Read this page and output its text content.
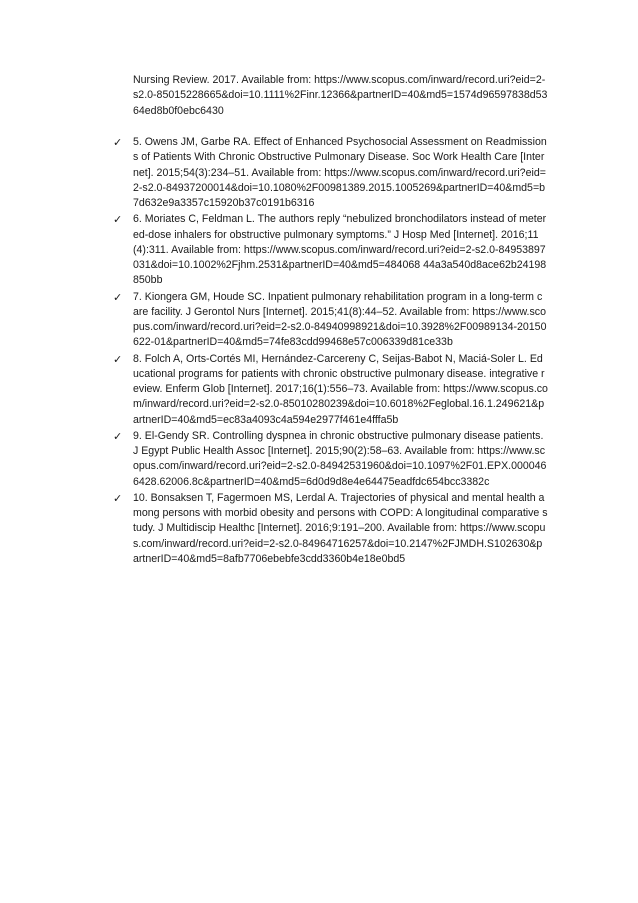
Nursing Review. 2017. Available from: https://www.scopus.com/inward/record.uri?eid=2-s2.0-85015228665&doi=10.1111%2Finr.12366&partnerID=40&md5=1574d96597838d5364ed8b0f0ebc6430
✓	5. Owens JM, Garbe RA. Effect of Enhanced Psychosocial Assessment on Readmissions of Patients With Chronic Obstructive Pulmonary Disease. Soc Work Health Care [Internet]. 2015;54(3):234–51. Available from: https://www.scopus.com/inward/record.uri?eid=2-s2.0-84937200014&doi=10.1080%2F00981389.2015.1005269&partnerID=40&md5=b7d632e9a3357c15920b37c0191b6316
✓	6. Moriates C, Feldman L. The authors reply “nebulized bronchodilators instead of metered-dose inhalers for obstructive pulmonary symptoms.” J Hosp Med [Internet]. 2016;11(4):311. Available from: https://www.scopus.com/inward/record.uri?eid=2-s2.0-84953897031&doi=10.1002%2Fjhm.2531&partnerID=40&md5=484068 44a3a540d8ace62b24198850bb
✓	7. Kiongera GM, Houde SC. Inpatient pulmonary rehabilitation program in a long-term care facility. J Gerontol Nurs [Internet]. 2015;41(8):44–52. Available from: https://www.scopus.com/inward/record.uri?eid=2-s2.0-84940998921&doi=10.3928%2F00989134-20150622-01&partnerID=40&md5=74fe83cdd99468e57c006339d81ce33b
✓	8. Folch A, Orts-Cortés MI, Hernández-Carcereny C, Seijas-Babot N, Maciá-Soler L. Educational programs for patients with chronic obstructive pulmonary disease. integrative review. Enferm Glob [Internet]. 2017;16(1):556–73. Available from: https://www.scopus.com/inward/record.uri?eid=2-s2.0-85010280239&doi=10.6018%2Feglobal.16.1.249621&partnerID=40&md5=ec83a4093c4a594e2977f461e4fffa5b
✓	9. El-Gendy SR. Controlling dyspnea in chronic obstructive pulmonary disease patients. J Egypt Public Health Assoc [Internet]. 2015;90(2):58–63. Available from: https://www.scopus.com/inward/record.uri?eid=2-s2.0-84942531960&doi=10.1097%2F01.EPX.0000466428.62006.8c&partnerID=40&md5=6d0d9d8e4e64475eadfdc654bcc3382c
✓	10. Bonsaksen T, Fagermoen MS, Lerdal A. Trajectories of physical and mental health among persons with morbid obesity and persons with COPD: A longitudinal comparative study. J Multidiscip Healthc [Internet]. 2016;9:191–200. Available from: https://www.scopus.com/inward/record.uri?eid=2-s2.0-84964716257&doi=10.2147%2FJMDH.S102630&partnerID=40&md5=8afb7706ebebfe3cdd3360b4e18e0bd5
